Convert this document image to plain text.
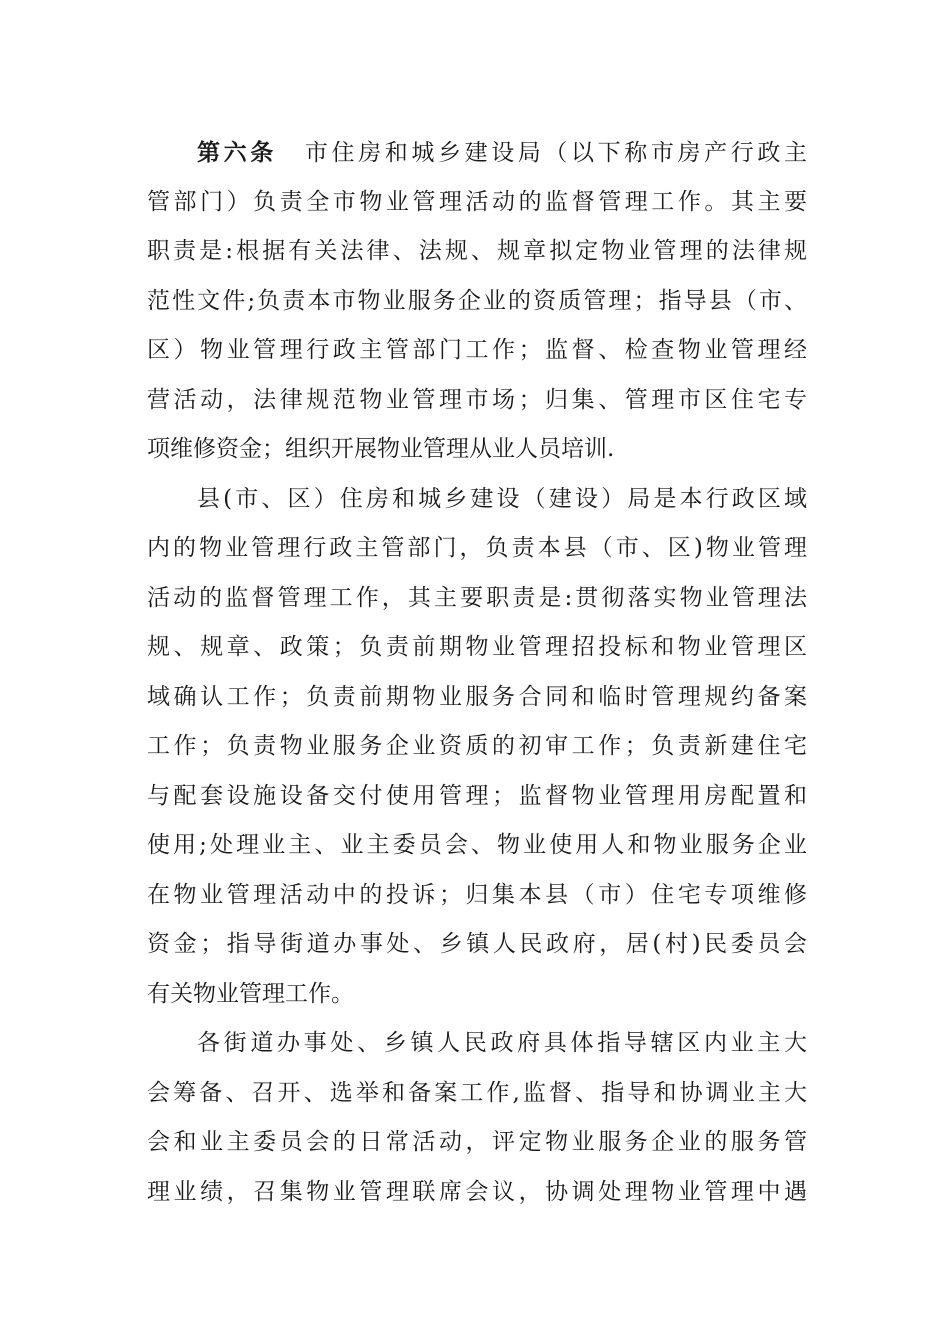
第六条 市住房和城乡建设局（以下称市房产行政主
管部门）负责全市物业管理活动的监督管理工作。其主要
职责是:根据有关法律、法规、规章拟定物业管理的法律规
范性文件;负责本市物业服务企业的资质管理；指导县（市、
区）物业管理行政主管部门工作；监督、检查物业管理经
营活动，法律规范物业管理市场；归集、管理市区住宅专
项维修资金；组织开展物业管理从业人员培训.
县(市、区）住房和城乡建设（建设）局是本行政区域
内的物业管理行政主管部门，负责本县（市、区)物业管理
活动的监督管理工作，其主要职责是:贯彻落实物业管理法
规、规章、政策；负责前期物业管理招投标和物业管理区
域确认工作；负责前期物业服务合同和临时管理规约备案
工作；负责物业服务企业资质的初审工作；负责新建住宅
与配套设施设备交付使用管理；监督物业管理用房配置和
使用;处理业主、业主委员会、物业使用人和物业服务企业
在物业管理活动中的投诉；归集本县（市）住宅专项维修
资金；指导街道办事处、乡镇人民政府，居(村)民委员会
有关物业管理工作。
各街道办事处、乡镇人民政府具体指导辖区内业主大
会筹备、召开、选举和备案工作,监督、指导和协调业主大
会和业主委员会的日常活动，评定物业服务企业的服务管
理业绩，召集物业管理联席会议，协调处理物业管理中遇
